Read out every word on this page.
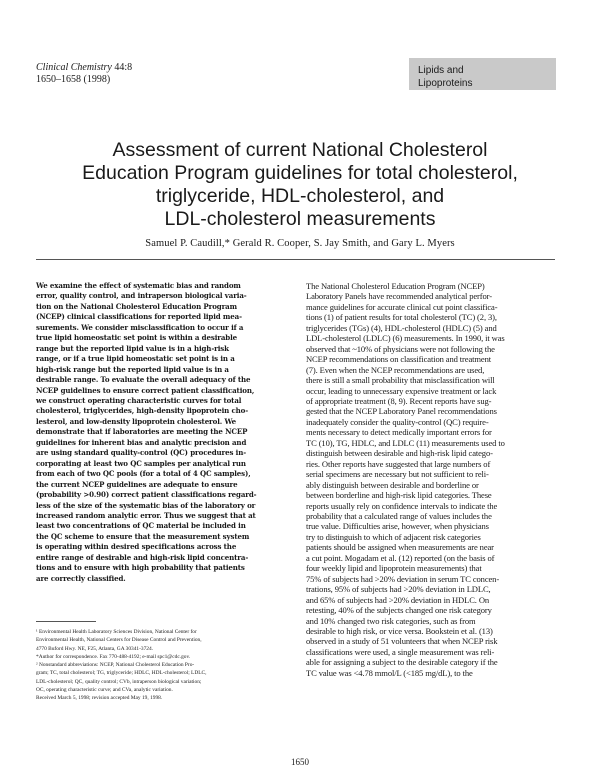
Clinical Chemistry 44:8
1650–1658 (1998)
Lipids and
Lipoproteins
Assessment of current National Cholesterol
Education Program guidelines for total cholesterol,
triglyceride, HDL-cholesterol, and
LDL-cholesterol measurements
Samuel P. Caudill,* Gerald R. Cooper, S. Jay Smith, and Gary L. Myers
We examine the effect of systematic bias and random
error, quality control, and intraperson biological varia-
tion on the National Cholesterol Education Program
(NCEP) clinical classifications for reported lipid mea-
surements. We consider misclassification to occur if a
true lipid homeostatic set point is within a desirable
range but the reported lipid value is in a high-risk
range, or if a true lipid homeostatic set point is in a
high-risk range but the reported lipid value is in a
desirable range. To evaluate the overall adequacy of the
NCEP guidelines to ensure correct patient classification,
we construct operating characteristic curves for total
cholesterol, triglycerides, high-density lipoprotein cho-
lesterol, and low-density lipoprotein cholesterol. We
demonstrate that if laboratories are meeting the NCEP
guidelines for inherent bias and analytic precision and
are using standard quality-control (QC) procedures in-
corporating at least two QC samples per analytical run
from each of two QC pools (for a total of 4 QC samples),
the current NCEP guidelines are adequate to ensure
(probability >0.90) correct patient classifications regard-
less of the size of the systematic bias of the laboratory or
increased random analytic error. Thus we suggest that at
least two concentrations of QC material be included in
the QC scheme to ensure that the measurement system
is operating within desired specifications across the
entire range of desirable and high-risk lipid concentra-
tions and to ensure with high probability that patients
are correctly classified.
¹ Environmental Health Laboratory Sciences Division, National Center for
Environmental Health, National Centers for Disease Control and Prevention,
4770 Buford Hwy. NE, F25, Atlanta, GA 30341-3724.
*Author for correspondence. Fax 770-488-4192; e-mail spc1@cdc.gov.
² Nonstandard abbreviations: NCEP, National Cholesterol Education Pro-
gram; TC, total cholesterol; TG, triglyceride; HDLC, HDL-cholesterol; LDLC,
LDL-cholesterol; QC, quality control; CVb, intraperson biological variation;
OC, operating characteristic curve; and CVa, analytic variation.
Received March 5, 1998; revision accepted May 19, 1998.
The National Cholesterol Education Program (NCEP)
Laboratory Panels have recommended analytical perfor-
mance guidelines for accurate clinical cut point classifica-
tions (1) of patient results for total cholesterol (TC) (2, 3),
triglycerides (TGs) (4), HDL-cholesterol (HDLC) (5) and
LDL-cholesterol (LDLC) (6) measurements. In 1990, it was
observed that ~10% of physicians were not following the
NCEP recommendations on classification and treatment
(7). Even when the NCEP recommendations are used,
there is still a small probability that misclassification will
occur, leading to unnecessary expensive treatment or lack
of appropriate treatment (8, 9). Recent reports have sug-
gested that the NCEP Laboratory Panel recommendations
inadequately consider the quality-control (QC) require-
ments necessary to detect medically important errors for
TC (10), TG, HDLC, and LDLC (11) measurements used to
distinguish between desirable and high-risk lipid catego-
ries. Other reports have suggested that large numbers of
serial specimens are necessary but not sufficient to reli-
ably distinguish between desirable and borderline or
between borderline and high-risk lipid categories. These
reports usually rely on confidence intervals to indicate the
probability that a calculated range of values includes the
true value. Difficulties arise, however, when physicians
try to distinguish to which of adjacent risk categories
patients should be assigned when measurements are near
a cut point. Mogadam et al. (12) reported (on the basis of
four weekly lipid and lipoprotein measurements) that
75% of subjects had >20% deviation in serum TC concen-
trations, 95% of subjects had >20% deviation in LDLC,
and 65% of subjects had >20% deviation in HDLC. On
retesting, 40% of the subjects changed one risk category
and 10% changed two risk categories, such as from
desirable to high risk, or vice versa. Bookstein et al. (13)
observed in a study of 51 volunteers that when NCEP risk
classifications were used, a single measurement was reli-
able for assigning a subject to the desirable category if the
TC value was <4.78 mmol/L (<185 mg/dL), to the
1650
